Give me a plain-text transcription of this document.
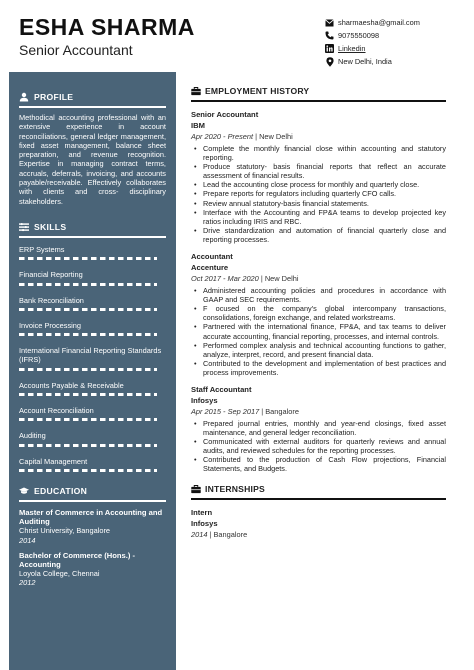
ESHA SHARMA
Senior Accountant
sharmaesha@gmail.com
9075550098
Linkedin
New Delhi, India
PROFILE
Methodical accounting professional with an extensive experience in account reconciliations, general ledger management, fixed asset management, balance sheet preparation, and revenue recognition. Expertise in managing contract terms, accruals, deferrals, invoicing, and accounts payable/receivable. Effectively collaborates with clients and cross- disciplinary stakeholders.
SKILLS
ERP Systems
Financial Reporting
Bank Reconciliation
Invoice Processing
International Financial Reporting Standards (IFRS)
Accounts Payable & Receivable
Account Reconciliation
Auditing
Capital Management
EDUCATION
Master of Commerce in Accounting and Auditing
Christ University, Bangalore
2014
Bachelor of Commerce (Hons.) - Accounting
Loyola College, Chennai
2012
EMPLOYMENT HISTORY
Senior Accountant
IBM
Apr 2020 - Present | New Delhi
• Complete the monthly financial close within accounting and statutory reporting.
• Produce statutory- basis financial reports that reflect an accurate assessment of financial results.
• Lead the accounting close process for monthly and quarterly close.
• Prepare reports for regulators including quarterly CFO calls.
• Review annual statutory-basis financial statements.
• Interface with the Accounting and FP&A teams to develop projected key ratios including IRIS and RBC.
• Drive standardization and automation of financial quarterly close and reporting processes.
Accountant
Accenture
Oct 2017 - Mar 2020 | New Delhi
• Administered accounting policies and procedures in accordance with GAAP and SEC requirements.
• F ocused on the company's global intercompany transactions, consolidations, foreign exchange, and related workstreams.
• Partnered with the international finance, FP&A, and tax teams to deliver accurate accounting, financial reporting, processes, and internal controls.
• Performed complex analysis and technical accounting functions to gather, analyze, interpret, record, and present financial data.
• Contributed to the development and implementation of best practices and process improvements.
Staff Accountant
Infosys
Apr 2015 - Sep 2017 | Bangalore
• Prepared journal entries, monthly and year-end closings, fixed asset maintenance, and general ledger reconciliation.
• Communicated with external auditors for quarterly reviews and annual audits, and reviewed schedules for the reporting processes.
• Contributed to the production of Cash Flow projections, Financial Statements, and Budgets.
INTERNSHIPS
Intern
Infosys
2014 | Bangalore
